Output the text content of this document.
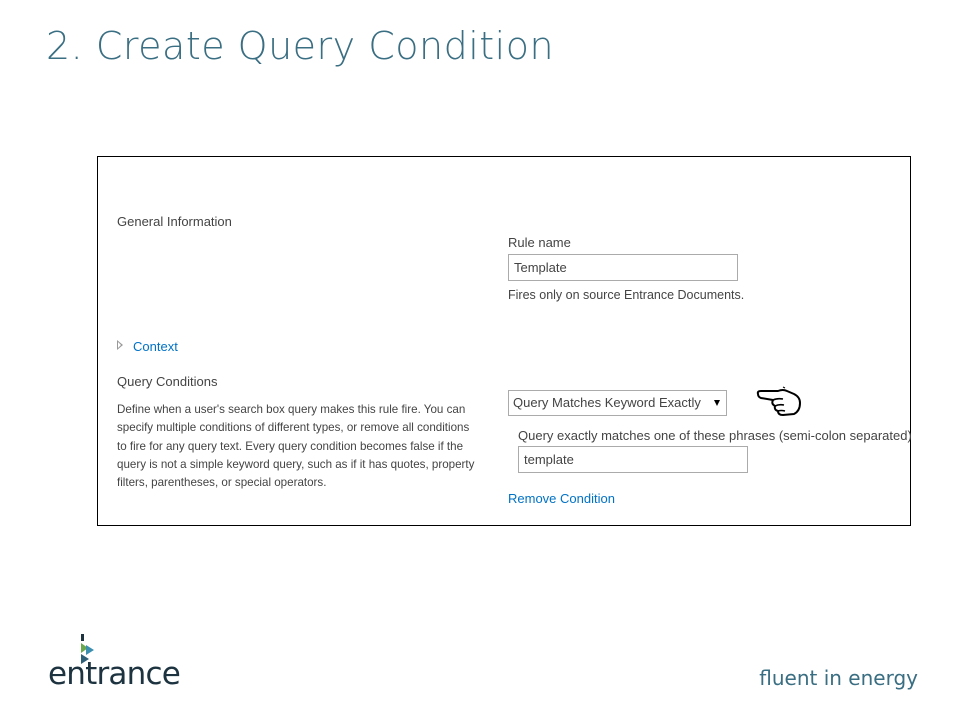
2. Create Query Condition
General Information
Rule name
Template
Fires only on source Entrance Documents.
Context
Query Conditions
Define when a user's search box query makes this rule fire. You can specify multiple conditions of different types, or remove all conditions to fire for any query text. Every query condition becomes false if the query is not a simple keyword query, such as if it has quotes, property filters, parentheses, or special operators.
Query Matches Keyword Exactly
Query exactly matches one of these phrases (semi-colon separated)
template
Remove Condition
entrance	fluent in energy
